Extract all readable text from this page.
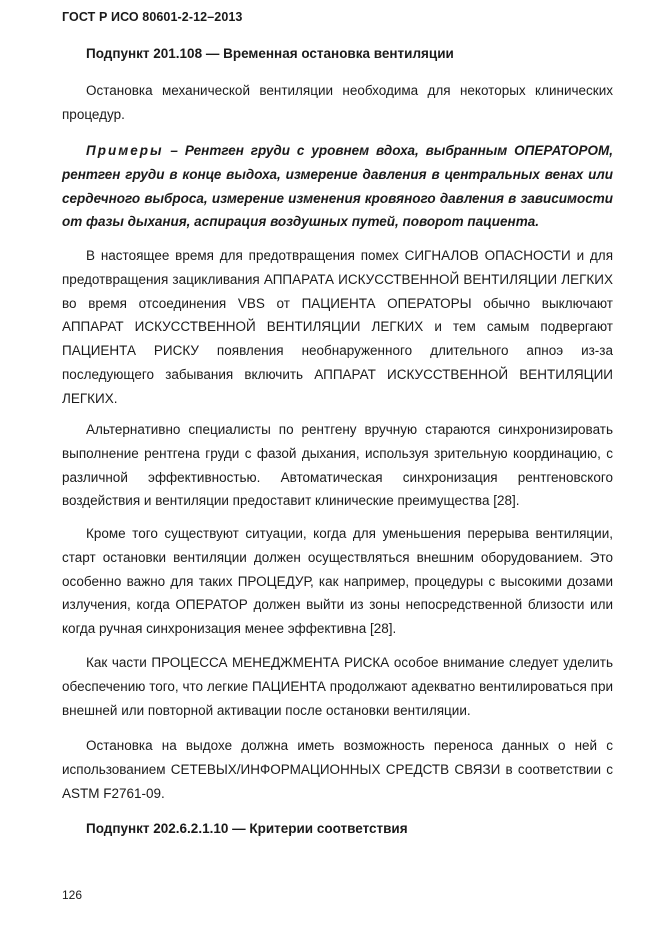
ГОСТ Р ИСО 80601-2-12–2013
Подпункт 201.108 — Временная остановка вентиляции

Остановка механической вентиляции необходима для некоторых клинических процедур.

Примеры – Рентген груди с уровнем вдоха, выбранным ОПЕРАТОРОМ, рентген груди в конце выдоха, измерение давления в центральных венах или сердечного выброса, измерение изменения кровяного давления в зависимости от фазы дыхания, аспирация воздушных путей, поворот пациента.

В настоящее время для предотвращения помех СИГНАЛОВ ОПАСНОСТИ и для предотвращения зацикливания АППАРАТА ИСКУССТВЕННОЙ ВЕНТИЛЯЦИИ ЛЕГКИХ во время отсоединения VBS от ПАЦИЕНТА ОПЕРАТОРЫ обычно выключают АППАРАТ ИСКУССТВЕННОЙ ВЕНТИЛЯЦИИ ЛЕГКИХ и тем самым подвергают ПАЦИЕНТА РИСКУ появления необнаруженного длительного апноэ из-за последующего забывания включить АППАРАТ ИСКУССТВЕННОЙ ВЕНТИЛЯЦИИ ЛЕГКИХ.

Альтернативно специалисты по рентгену вручную стараются синхронизировать выполнение рентгена груди с фазой дыхания, используя зрительную координацию, с различной эффективностью. Автоматическая синхронизация рентгеновского воздействия и вентиляции предоставит клинические преимущества [28].

Кроме того существуют ситуации, когда для уменьшения перерыва вентиляции, старт остановки вентиляции должен осуществляться внешним оборудованием. Это особенно важно для таких ПРОЦЕДУР, как например, процедуры с высокими дозами излучения, когда ОПЕРАТОР должен выйти из зоны непосредственной близости или когда ручная синхронизация менее эффективна [28].

Как части ПРОЦЕССА МЕНЕДЖМЕНТА РИСКА особое внимание следует уделить обеспечению того, что легкие ПАЦИЕНТА продолжают адекватно вентилироваться при внешней или повторной активации после остановки вентиляции.

Остановка на выдохе должна иметь возможность переноса данных о ней с использованием СЕТЕВЫХ/ИНФОРМАЦИОННЫХ СРЕДСТВ СВЯЗИ в соответствии с ASTM F2761-09.

Подпункт 202.6.2.1.10 — Критерии соответствия
126
